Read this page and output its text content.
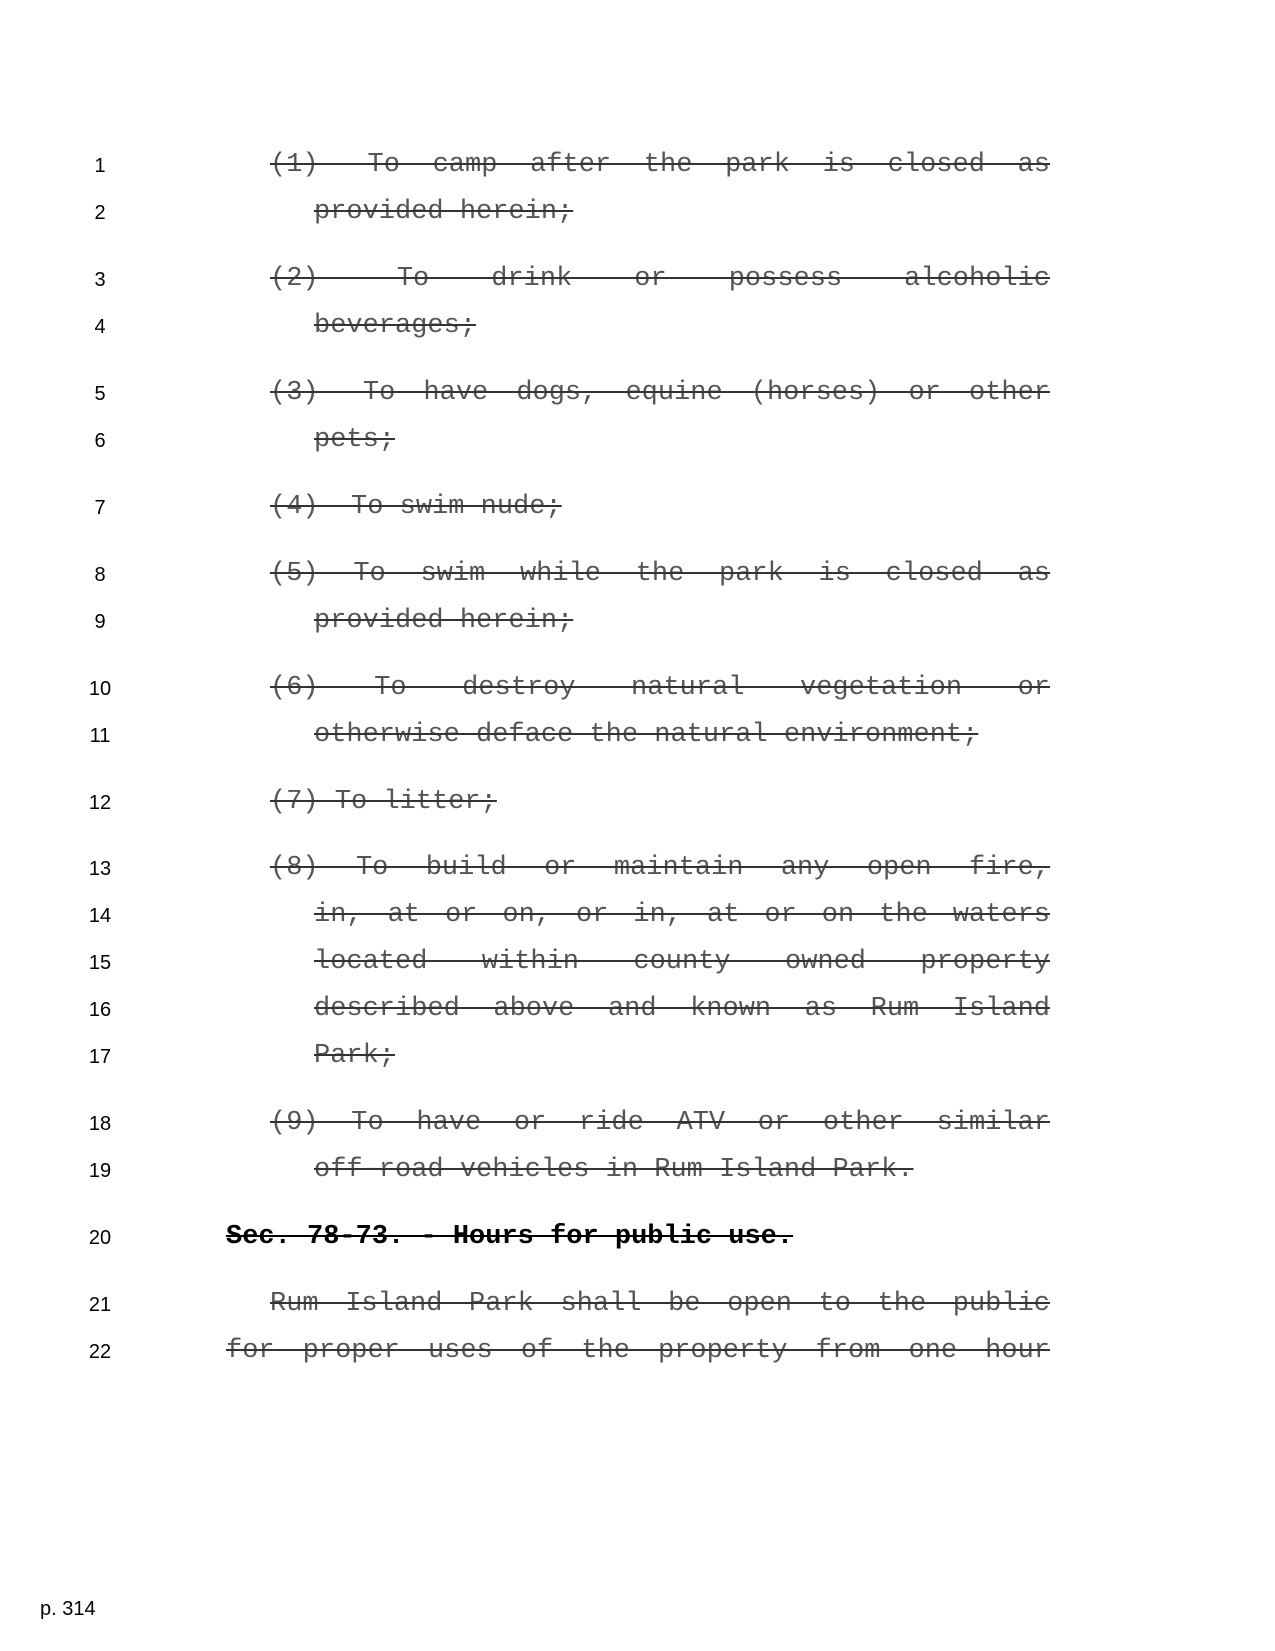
1	(1) —To camp after the park is closed as
2	provided herein;
3	(2) —To drink or possess alcoholic
4	beverages;
5	(3) —To have dogs, equine (horses) or other
6	pets;
7	(4) —To swim nude;
8	(5) To swim while the park is closed as
9	provided herein;
10	(6) To destroy natural vegetation or
11	otherwise deface the natural environment;
12	(7) To litter;
13	(8) To build or maintain any open fire,
14	in, at or on, or in, at or on the waters
15	located within county owned property
16	described above and known as Rum Island
17	Park;
18	(9) To have or ride ATV or other similar
19	off-road vehicles in Rum Island Park.
20	Sec. 78-73. - Hours for public use.
21	Rum Island Park shall be open to the public
22	for proper uses of the property from one hour
p. 314
